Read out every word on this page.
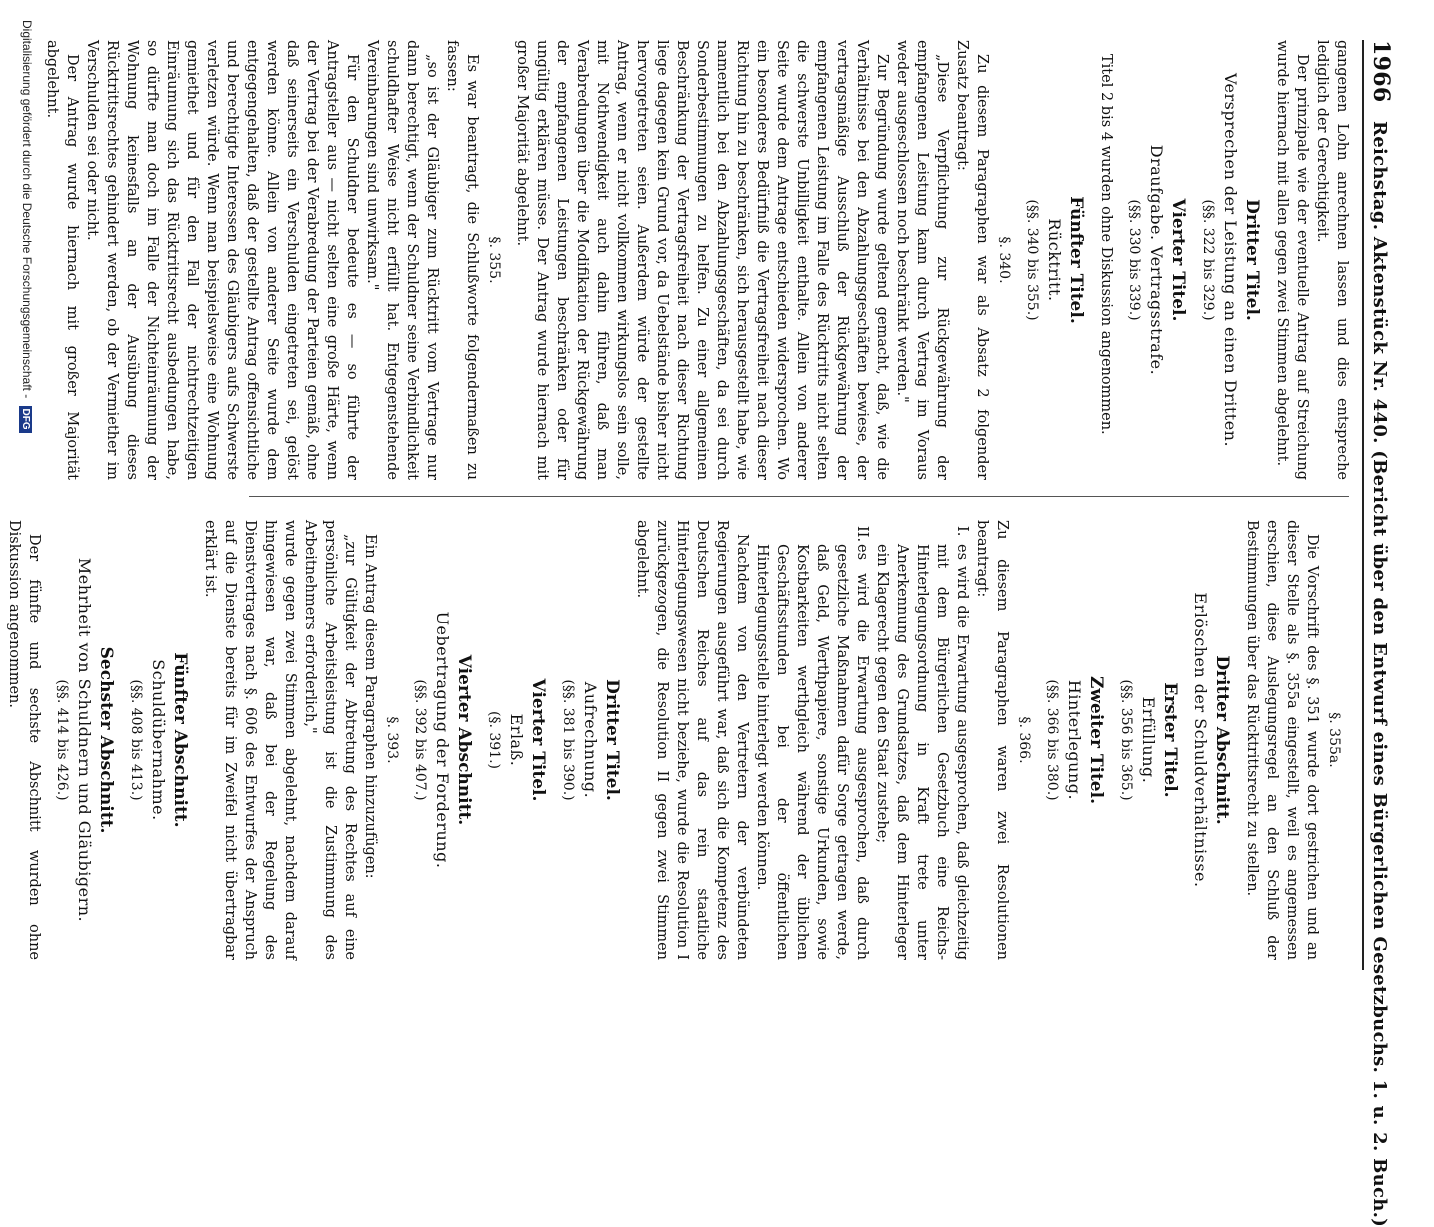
1966 Reichstag. Aktenstück Nr. 440. (Bericht über den Entwurf eines Bürgerlichen Gesetzbuchs. 1. u. 2. Buch.)

gangenen Lohn anrechnen lassen und dies entspreche lediglich der Gerechtigkeit.

Der prinzipale wie der eventuelle Antrag auf Streichung wurde hiernach mit allen gegen zwei Stimmen abgelehnt.

Dritter Titel.
Versprechen der Leistung an einen Dritten.
(§§. 322 bis 329.)
Vierter Titel.
Draufgabe. Vertragsstrafe.
(§§. 330 bis 339.)

Titel 2 bis 4 wurden ohne Diskussion angenommen.

Fünfter Titel.
Rücktritt.
(§§. 340 bis 355.)
§. 340.

Zu diesem Paragraphen war als Absatz 2 folgender Zusatz beantragt:

„Diese Verpflichtung zur Rückgewährung der empfangenen Leistung kann durch Vertrag im Voraus weder ausgeschlossen noch beschränkt werden."

Zur Begründung wurde geltend gemacht, daß, wie die Verhältnisse bei den Abzahlungsgeschäften bewiese, der vertragsmäßige Ausschluß der Rückgewährung der empfangenen Leistung im Falle des Rücktritts nicht selten die schwerste Unbilligkeit enthalte. Allein von anderer Seite wurde dem Antrage entschieden widersprochen. Wo ein besonderes Bedürfniß die Vertragsfreiheit nach dieser Richtung hin zu beschränken, sich herausgestellt habe, wie namentlich bei den Abzahlungsgeschäften, da sei durch Sonderbestimmungen zu helfen. Zu einer allgemeinen Beschränkung der Vertragsfreiheit nach dieser Richtung liege dagegen kein Grund vor, da Uebelstände bisher nicht hervorgetreten seien. Außerdem würde der gestellte Antrag, wenn er nicht vollkommen wirkungslos sein solle, mit Nothwendigkeit auch dahin führen, daß man Verabredungen über die Modifikation der Rückgewährung der empfangenen Leistungen beschränken oder für ungültig erklären müsse. Der Antrag wurde hiernach mit großer Majorität abgelehnt.

§. 355.

Es war beantragt, die Schlußworte folgendermaßen zu fassen:

„so ist der Gläubiger zum Rücktritt vom Vertrage nur dann berechtigt, wenn der Schuldner seine Verbindlichkeit schuldhafter Weise nicht erfüllt hat. Entgegenstehende Vereinbarungen sind unwirksam."

Für den Schuldner bedeute es — so führte der Antragsteller aus — nicht selten eine große Härte, wenn der Vertrag bei der Verabredung der Parteien gemäß, ohne daß seinerseits ein Verschulden eingetreten sei, gelöst werden könne. Allein von anderer Seite wurde dem entgegengehalten, daß der gestellte Antrag offensichtliche und berechtigte Interessen des Gläubigers aufs Schwerste verletzen würde. Wenn man beispielsweise eine Wohnung gemiethet und für den Fall der nichtrechtzeitigen Einräumung sich das Rücktrittsrecht ausbedungen habe, so dürfte man doch im Falle der Nichteinräumung der Wohnung keinesfalls an der Ausübung dieses Rücktrittsrechtes gehindert werden, ob der Vermiether im Verschulden sei oder nicht.

Der Antrag wurde hiernach mit großer Majorität abgelehnt.

§. 355a.

Die Vorschrift des §. 351 wurde dort gestrichen und an dieser Stelle als §. 355a eingestellt, weil es angemessen erschien, diese Auslegungsregel an den Schluß der Bestimmungen über das Rücktrittsrecht zu stellen.

Dritter Abschnitt.
Erlöschen der Schuldverhältnisse.
Erster Titel.
Erfüllung.
(§§. 356 bis 365.)
Zweiter Titel.
Hinterlegung.
(§§. 366 bis 380.)
§. 366.

Zu diesem Paragraphen waren zwei Resolutionen beantragt:

I.
es wird die Erwartung ausgesprochen, daß gleichzeitig mit dem Bürgerlichen Gesetzbuch eine Reichs-Hinterlegungsordnung in Kraft trete unter Anerkennung des Grundsatzes, daß dem Hinterleger ein Klagerecht gegen den Staat zustehe;

II.
es wird die Erwartung ausgesprochen, daß durch gesetzliche Maßnahmen dafür Sorge getragen werde, daß Geld, Werthpapiere, sonstige Urkunden, sowie Kostbarkeiten werthgleich während der üblichen Geschäftsstunden bei der öffentlichen Hinterlegungsstelle hinterlegt werden können.

Nachdem von den Vertretern der verbündeten Regierungen ausgeführt war, daß sich die Kompetenz des Deutschen Reiches auf das rein staatliche Hinterlegungswesen nicht beziehe, wurde die Resolution I zurückgezogen, die Resolution II gegen zwei Stimmen abgelehnt.

Dritter Titel.
Aufrechnung.
(§§. 381 bis 390.)
Vierter Titel.
Erlaß.
(§. 391.)
Vierter Abschnitt.
Uebertragung der Forderung.
(§§. 392 bis 407.)
§. 393.

Ein Antrag diesem Paragraphen hinzuzufügen:

„zur Gültigkeit der Abtretung des Rechtes auf eine persönliche Arbeitsleistung ist die Zustimmung des Arbeitnehmers erforderlich,"

wurde gegen zwei Stimmen abgelehnt, nachdem darauf hingewiesen war, daß bei der Regelung des Dienstvertrages nach §. 606 des Entwurfes der Anspruch auf die Dienste bereits für im Zweifel nicht übertragbar erklärt ist.

Fünfter Abschnitt.
Schuldübernahme.
(§§. 408 bis 413.)
Sechster Abschnitt.
Mehrheit von Schuldnern und Gläubigern.
(§§. 414 bis 426.)

Der fünfte und sechste Abschnitt wurden ohne Diskussion angenommen.

Digitalisierung gefördert durch die Deutsche Forschungsgemeinschaft - DFG
